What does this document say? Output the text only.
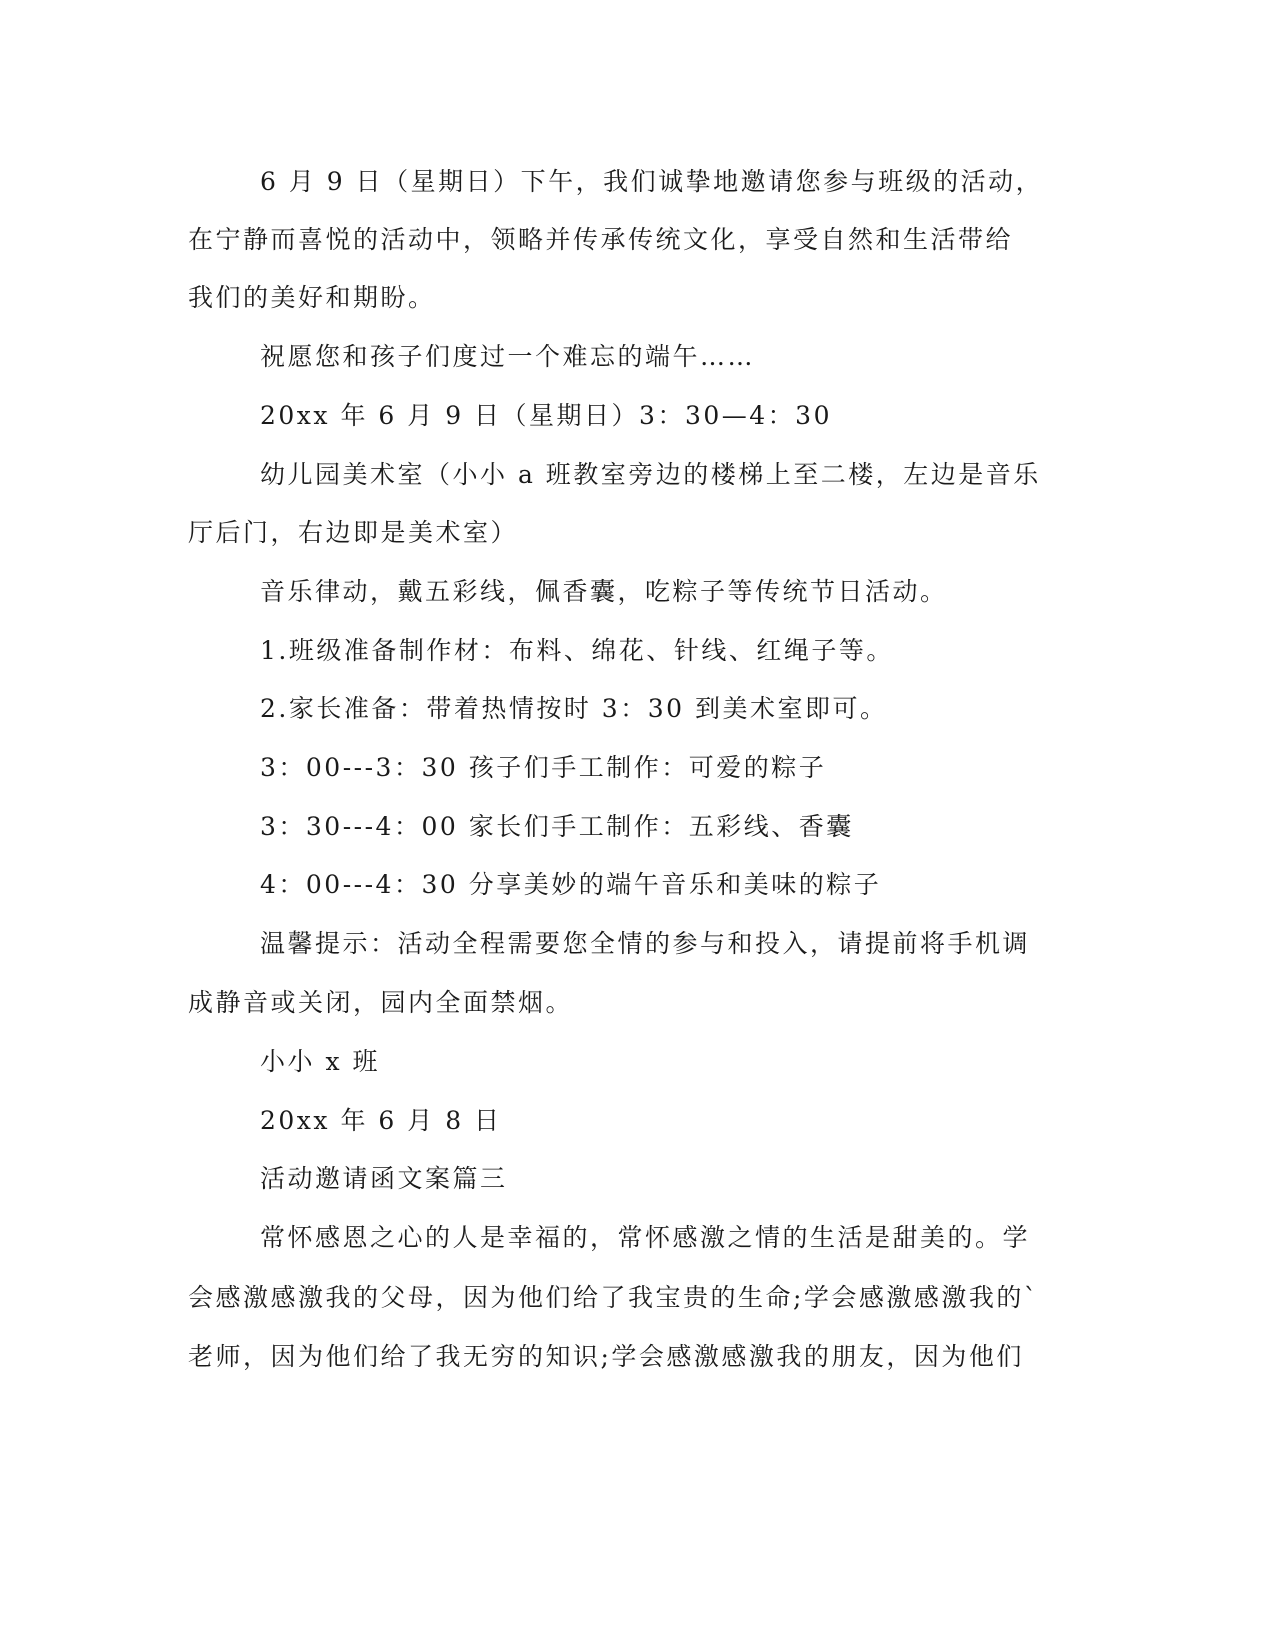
6 月 9 日（星期日）下午，我们诚挚地邀请您参与班级的活动，
在宁静而喜悦的活动中，领略并传承传统文化，享受自然和生活带给
我们的美好和期盼。
祝愿您和孩子们度过一个难忘的端午……
20xx 年 6 月 9 日（星期日）3：30—4：30
幼儿园美术室（小小 a 班教室旁边的楼梯上至二楼，左边是音乐
厅后门，右边即是美术室）
音乐律动，戴五彩线，佩香囊，吃粽子等传统节日活动。
1.班级准备制作材：布料、绵花、针线、红绳子等。
2.家长准备：带着热情按时 3：30 到美术室即可。
3：00---3：30 孩子们手工制作：可爱的粽子
3：30---4：00 家长们手工制作：五彩线、香囊
4：00---4：30 分享美妙的端午音乐和美味的粽子
温馨提示：活动全程需要您全情的参与和投入，请提前将手机调
成静音或关闭，园内全面禁烟。
小小 x 班
20xx 年 6 月 8 日
活动邀请函文案篇三
常怀感恩之心的人是幸福的，常怀感激之情的生活是甜美的。学
会感激感激我的父母，因为他们给了我宝贵的生命;学会感激感激我的`
老师，因为他们给了我无穷的知识;学会感激感激我的朋友，因为他们
